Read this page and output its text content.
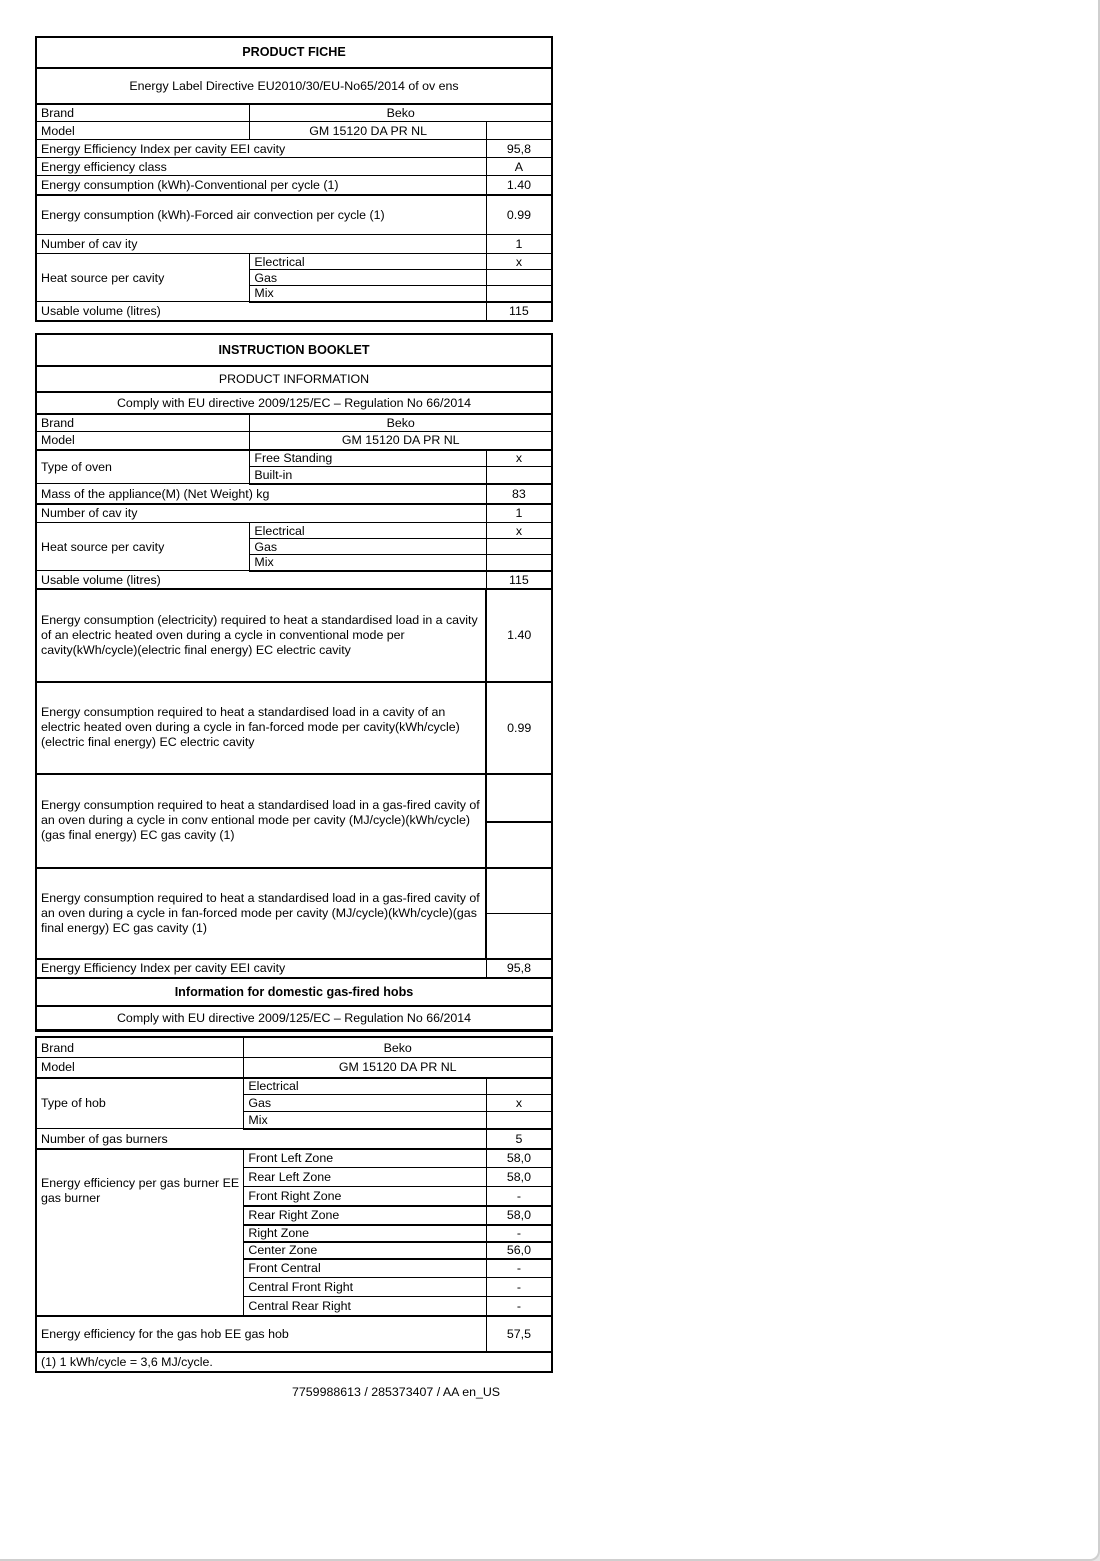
PRODUCT FICHE		
Energy Label Directive EU2010/30/EU-No65/2014 of ov ens		
Brand	Beko	
Model	GM 15120 DA PR NL	
Energy Efficiency Index per cavity EEI cavity		95,8
Energy efficiency class		A
Energy consumption (kWh)-Conventional per cycle (1)		1.40
Energy consumption (kWh)-Forced air convection per cycle (1)		0.99
Number of cav ity		1
Heat source per cavity	Electrical	x
	Gas	
	Mix	
Usable volume (litres)		115
INSTRUCTION BOOKLET		
PRODUCT INFORMATION		
Comply with EU directive 2009/125/EC – Regulation No 66/2014		
Brand	Beko	
Model	GM 15120 DA PR NL	
Type of oven	Free Standing	x
	Built-in	
Mass of the appliance(M) (Net Weight) kg		83
Number of cav ity		1
Heat source per cavity	Electrical	x
	Gas	
	Mix	
Usable volume (litres)		115
Energy consumption (electricity) required to heat a standardised load in a cavity of an electric heated oven during a cycle in conventional mode per cavity(kWh/cycle)(electric final energy) EC electric cavity		1.40
Energy consumption required to heat a standardised load in a cavity of an electric heated oven during a cycle in fan-forced mode per cavity(kWh/cycle)(electric final energy) EC electric cavity		0.99
Energy consumption required to heat a standardised load in a gas-fired cavity of an oven during a cycle in conv entional mode per cavity (MJ/cycle)(kWh/cycle)(gas final energy) EC gas cavity (1)		

Energy consumption required to heat a standardised load in a gas-fired cavity of an oven during a cycle in fan-forced mode per cavity (MJ/cycle)(kWh/cycle)(gas final energy) EC gas cavity (1)		

Energy Efficiency Index per cavity EEI cavity		95,8
Information for domestic gas-fired hobs		
Comply with EU directive 2009/125/EC – Regulation No 66/2014		
Brand	Beko	
Model	GM 15120 DA PR NL	
Type of hob	Electrical	
	Gas	x
	Mix	
Number of gas burners		5
Energy efficiency per gas burner EE gas burner	Front Left Zone	58,0
	Rear Left Zone	58,0
	Front Right Zone	-
	Rear Right Zone	58,0
	Right Zone	-
	Center Zone	56,0
	Front Central	-
	Central Front Right	-
	Central Rear Right	-
Energy efficiency for the gas hob EE gas hob		57,5
(1) 1 kWh/cycle = 3,6 MJ/cycle.		
7759988613 / 285373407 / AA en_US
